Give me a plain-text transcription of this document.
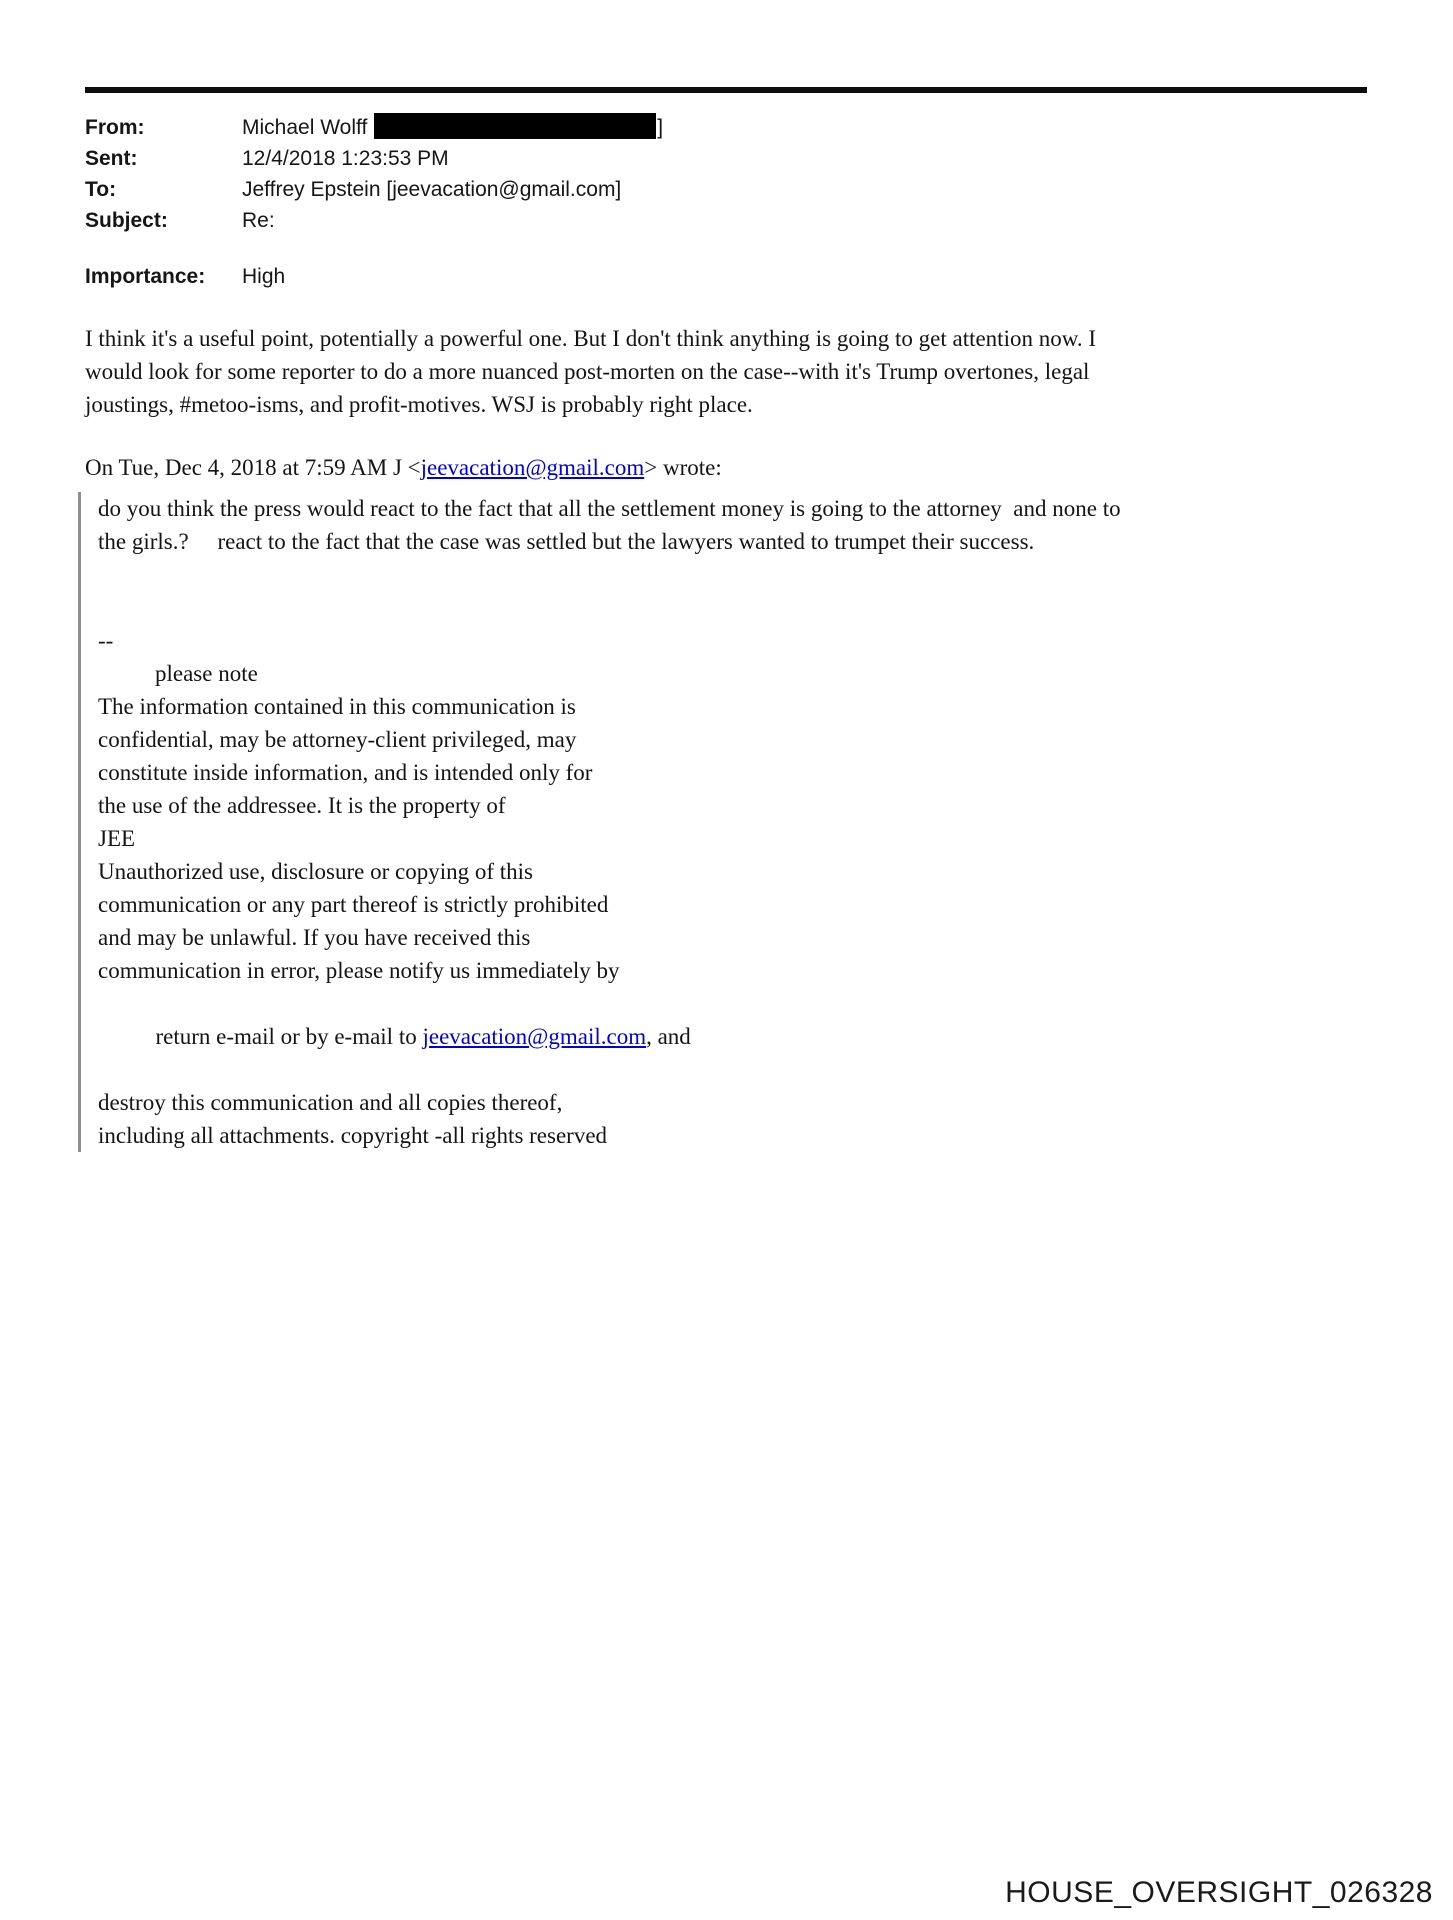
From:	Michael Wolff	]
Sent:	12/4/2018 1:23:53 PM
To:	Jeffrey Epstein [jeevacation@gmail.com]
Subject:	Re:
Importance:	High
I think it's a useful point, potentially a powerful one. But I don't think anything is going to get attention now. I
would look for some reporter to do a more nuanced post-morten on the case--with it's Trump overtones, legal
joustings, #metoo-isms, and profit-motives. WSJ is probably right place.
On Tue, Dec 4, 2018 at 7:59 AM J <jeevacation@gmail.com> wrote:
do you think the press would react to the fact that all the settlement money is going to the attorney  and none to
the girls.?     react to the fact that the case was settled but the lawyers wanted to trumpet their success.
--
please note
The information contained in this communication is
confidential, may be attorney-client privileged, may
constitute inside information, and is intended only for
the use of the addressee. It is the property of
JEE
Unauthorized use, disclosure or copying of this
communication or any part thereof is strictly prohibited
and may be unlawful. If you have received this
communication in error, please notify us immediately by

return e-mail or by e-mail to jeevacation@gmail.com, and

destroy this communication and all copies thereof,
including all attachments. copyright -all rights reserved
HOUSE_OVERSIGHT_026328
